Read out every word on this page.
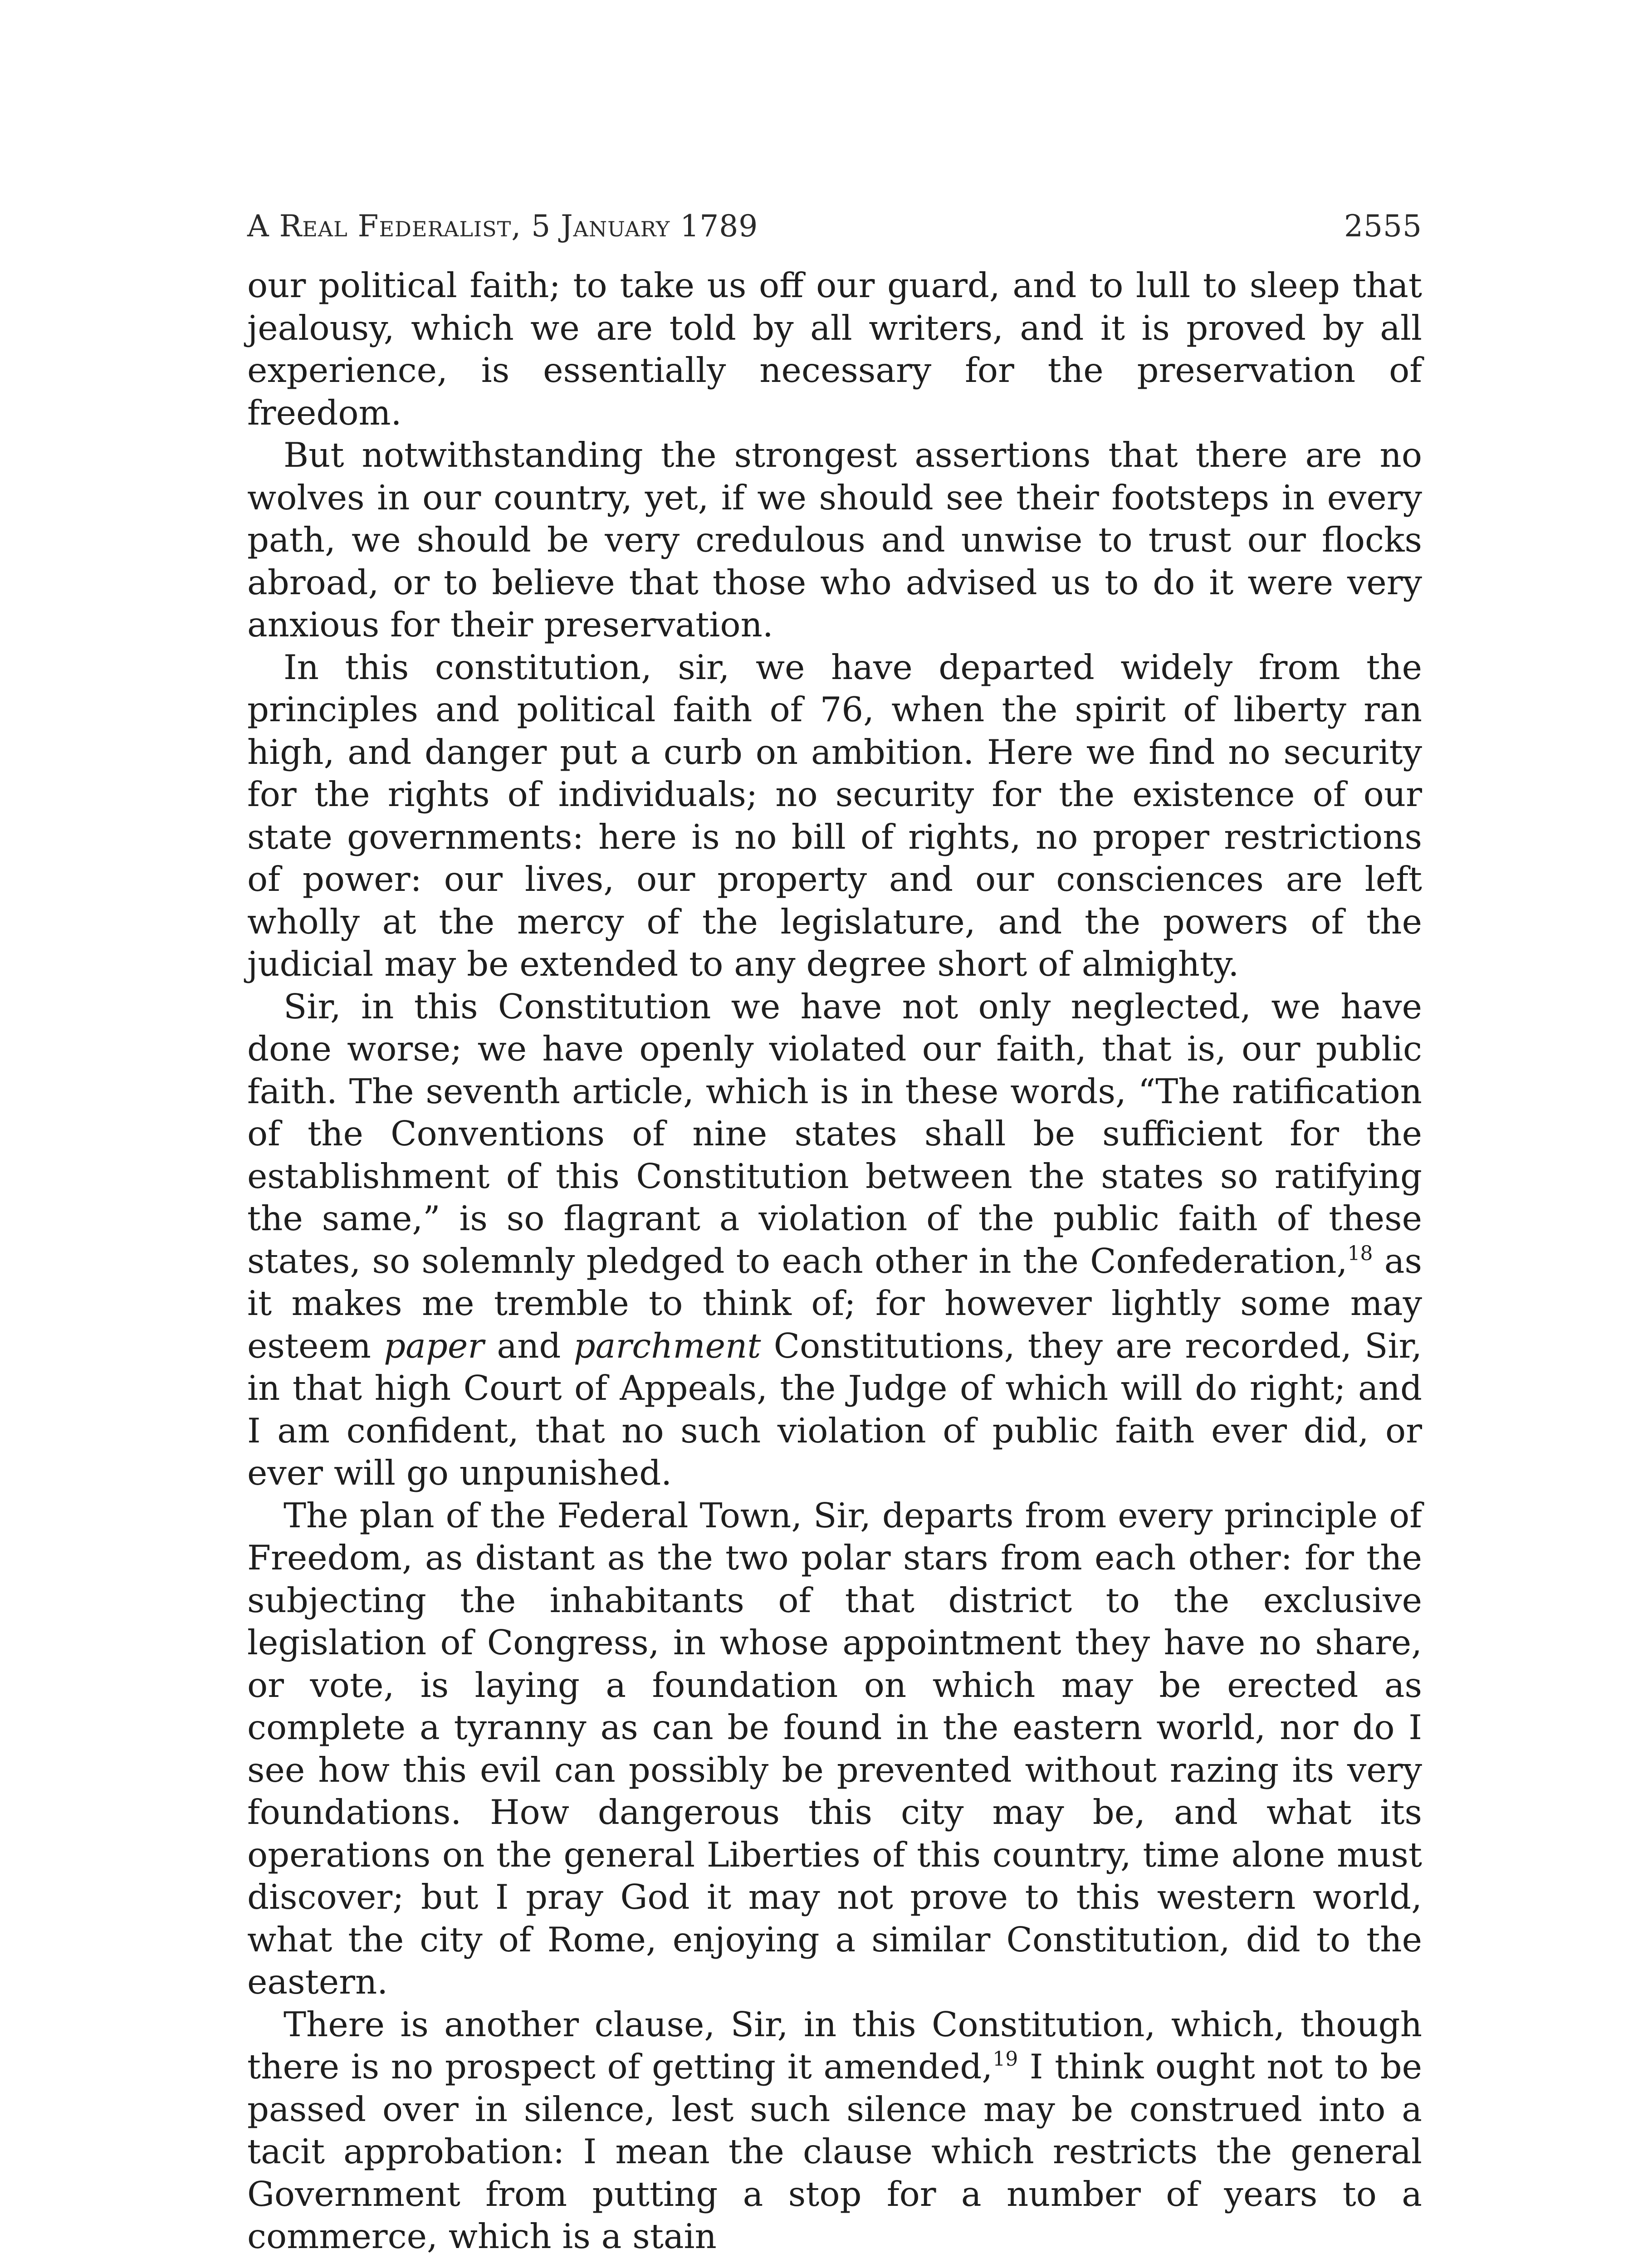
A Real Federalist, 5 January 1789	2555

our political faith; to take us off our guard, and to lull to sleep that jealousy, which we are told by all writers, and it is proved by all experience, is essentially necessary for the preservation of freedom.

But notwithstanding the strongest assertions that there are no wolves in our country, yet, if we should see their footsteps in every path, we should be very credulous and unwise to trust our flocks abroad, or to believe that those who advised us to do it were very anxious for their preservation.

In this constitution, sir, we have departed widely from the principles and political faith of 76, when the spirit of liberty ran high, and danger put a curb on ambition. Here we find no security for the rights of individuals; no security for the existence of our state governments: here is no bill of rights, no proper restrictions of power: our lives, our property and our consciences are left wholly at the mercy of the legislature, and the powers of the judicial may be extended to any degree short of almighty.

Sir, in this Constitution we have not only neglected, we have done worse; we have openly violated our faith, that is, our public faith. The seventh article, which is in these words, “The ratification of the Conventions of nine states shall be sufficient for the establishment of this Constitution between the states so ratifying the same,” is so flagrant a violation of the public faith of these states, so solemnly pledged to each other in the Confederation,$^{18}$ as it makes me tremble to think of; for however lightly some may esteem paper and parchment Constitutions, they are recorded, Sir, in that high Court of Appeals, the Judge of which will do right; and I am confident, that no such violation of public faith ever did, or ever will go unpunished.

The plan of the Federal Town, Sir, departs from every principle of Freedom, as distant as the two polar stars from each other: for the subjecting the inhabitants of that district to the exclusive legislation of Congress, in whose appointment they have no share, or vote, is laying a foundation on which may be erected as complete a tyranny as can be found in the eastern world, nor do I see how this evil can possibly be prevented without razing its very foundations. How dangerous this city may be, and what its operations on the general Liberties of this country, time alone must discover; but I pray God it may not prove to this western world, what the city of Rome, enjoying a similar Constitution, did to the eastern.

There is another clause, Sir, in this Constitution, which, though there is no prospect of getting it amended,$^{19}$ I think ought not to be passed over in silence, lest such silence may be construed into a tacit approbation: I mean the clause which restricts the general Government from putting a stop for a number of years to a commerce, which is a stain
